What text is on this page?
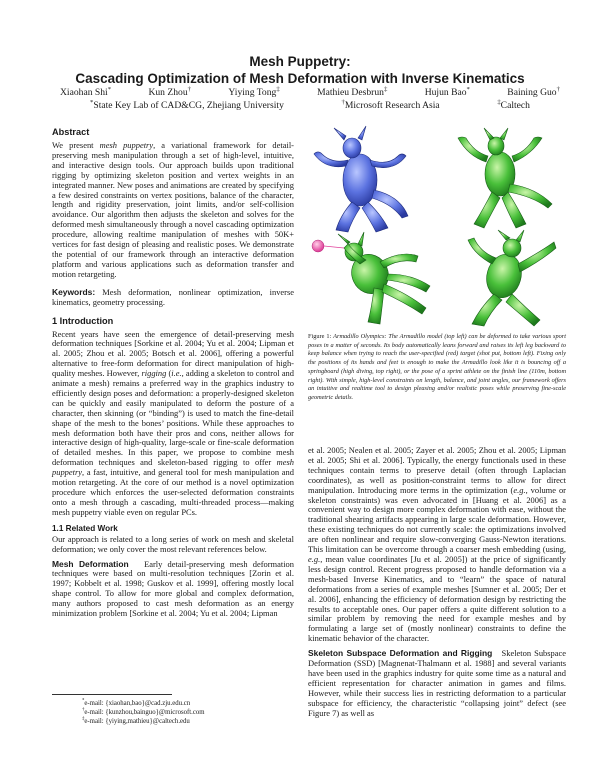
Mesh Puppetry:
Cascading Optimization of Mesh Deformation with Inverse Kinematics
Xiaohan Shi*	Kun Zhou†	Yiying Tong‡	Mathieu Desbrun‡	Hujun Bao*	Baining Guo†
*State Key Lab of CAD&CG, Zhejiang University	†Microsoft Research Asia	‡Caltech
Abstract

We present mesh puppetry, a variational framework for detail-preserving mesh manipulation through a set of high-level, intuitive, and interactive design tools. Our approach builds upon traditional rigging by optimizing skeleton position and vertex weights in an integrated manner. New poses and animations are created by specifying a few desired constraints on vertex positions, balance of the character, length and rigidity preservation, joint limits, and/or self-collision avoidance. Our algorithm then adjusts the skeleton and solves for the deformed mesh simultaneously through a novel cascading optimization procedure, allowing realtime manipulation of meshes with 50K+ vertices for fast design of pleasing and realistic poses. We demonstrate the potential of our framework through an interactive deformation platform and various applications such as deformation transfer and motion retargeting.

Keywords: Mesh deformation, nonlinear optimization, inverse kinematics, geometry processing.

1 Introduction

Recent years have seen the emergence of detail-preserving mesh deformation techniques [Sorkine et al. 2004; Yu et al. 2004; Lipman et al. 2005; Zhou et al. 2005; Botsch et al. 2006], offering a powerful alternative to free-form deformation for direct manipulation of high-quality meshes. However, rigging (i.e., adding a skeleton to control and animate a mesh) remains a preferred way in the graphics industry to efficiently design poses and deformation: a properly-designed skeleton can be quickly and easily manipulated to deform the posture of a character, then skinning (or “binding”) is used to match the fine-detail shape of the mesh to the bones’ positions. While these approaches to mesh deformation both have their pros and cons, neither allows for interactive design of high-quality, large-scale or fine-scale deformation of detailed meshes. In this paper, we propose to combine mesh deformation techniques and skeleton-based rigging to offer mesh puppetry, a fast, intuitive, and general tool for mesh manipulation and motion retargeting. At the core of our method is a novel optimization procedure which enforces the user-selected deformation constraints onto a mesh through a cascading, multi-threaded process—making mesh puppetry viable even on regular PCs.

1.1 Related Work

Our approach is related to a long series of work on mesh and skeletal deformation; we only cover the most relevant references below.

Mesh Deformation Early detail-preserving mesh deformation techniques were based on multi-resolution techniques [Zorin et al. 1997; Kobbelt et al. 1998; Guskov et al. 1999], offering mostly local shape control. To allow for more global and complex deformation, many authors proposed to cast mesh deformation as an energy minimization problem [Sorkine et al. 2004; Yu et al. 2004; Lipman

*e-mail: {xiaohan,bao}@cad.zju.edu.cn
†e-mail: {kunzhou,bainguo}@microsoft.com
‡e-mail: {yiying,mathieu}@caltech.edu
Figure 1: Armadillo Olympics: The Armadillo model (top left) can be deformed to take various sport poses in a matter of seconds. Its body automatically leans forward and raises its left leg backward to keep balance when trying to reach the user-specified (red) target (shot put, bottom left). Fixing only the positions of its hands and feet is enough to make the Armadillo look like it is bouncing off a springboard (high diving, top right), or the pose of a sprint athlete on the finish line (110m, bottom right). With simple, high-level constraints on length, balance, and joint angles, our framework offers an intuitive and realtime tool to design pleasing and/or realistic poses while preserving fine-scale geometric details.

et al. 2005; Nealen et al. 2005; Zayer et al. 2005; Zhou et al. 2005; Lipman et al. 2005; Shi et al. 2006]. Typically, the energy functionals used in these techniques contain terms to preserve detail (often through Laplacian coordinates), as well as position-constraint terms to allow for direct manipulation. Introducing more terms in the optimization (e.g., volume or skeleton constraints) was even advocated in [Huang et al. 2006] as a convenient way to design more complex deformation with ease, without the traditional shearing artifacts appearing in large scale deformation. However, these existing techniques do not currently scale: the optimizations involved are often nonlinear and require slow-converging Gauss-Newton iterations. This limitation can be overcome through a coarser mesh embedding (using, e.g., mean value coordinates [Ju et al. 2005]) at the price of significantly less design control. Recent progress proposed to handle deformation via a mesh-based Inverse Kinematics, and to “learn” the space of natural deformations from a series of example meshes [Sumner et al. 2005; Der et al. 2006], enhancing the efficiency of deformation design by restricting the results to acceptable ones. Our paper offers a quite different solution to a similar problem by removing the need for example meshes and by formulating a large set of (mostly nonlinear) constraints to define the kinematic behavior of the character.

Skeleton Subspace Deformation and Rigging Skeleton Subspace Deformation (SSD) [Magnenat-Thalmann et al. 1988] and several variants have been used in the graphics industry for quite some time as a natural and efficient representation for character animation in games and films. However, while their success lies in restricting deformation to a particular subspace for efficiency, the characteristic “collapsing joint” defect (see Figure 7) as well as
